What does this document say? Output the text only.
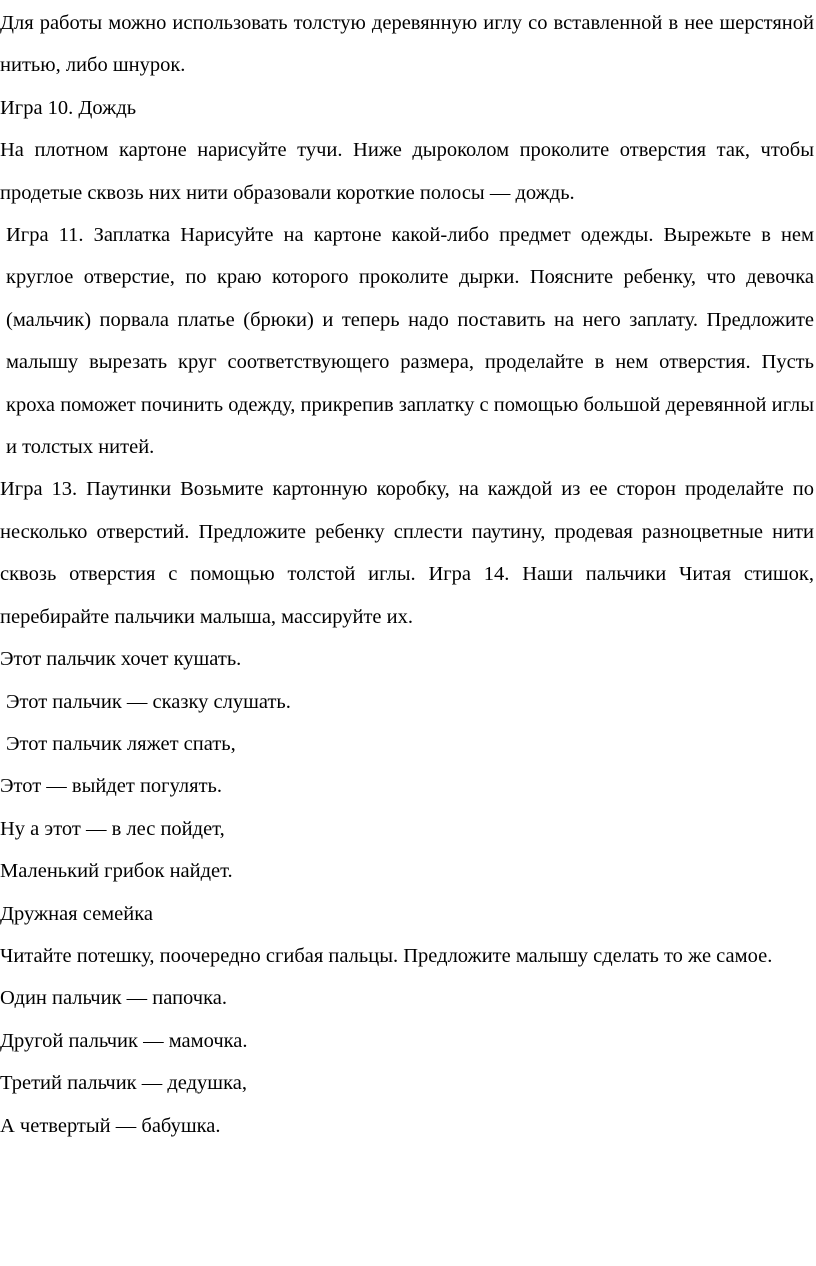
Для работы можно использовать толстую деревянную иглу со вставленной в нее шерстяной нитью, либо шнурок.

Игра 10. Дождь

На плотном картоне нарисуйте тучи. Ниже дыроколом проколите отверстия так, чтобы продетые сквозь них нити образовали короткие полосы — дождь.

Игра 11. Заплатка Нарисуйте на картоне какой-либо предмет одежды. Вырежьте в нем круглое отверстие, по краю которого проколите дырки. Поясните ребенку, что девочка (мальчик) порвала платье (брюки) и теперь надо поставить на него заплату. Предложите малышу вырезать круг соответствующего размера, проделайте в нем отверстия. Пусть кроха поможет починить одежду, прикрепив заплатку с помощью большой деревянной иглы и толстых нитей.

Игра 13. Паутинки Возьмите картонную коробку, на каждой из ее сторон проделайте по несколько отверстий. Предложите ребенку сплести паутину, продевая разноцветные нити сквозь отверстия с помощью толстой иглы. Игра 14. Наши пальчики Читая стишок, перебирайте пальчики малыша, массируйте их.

Этот пальчик хочет кушать.

Этот пальчик — сказку слушать.

Этот пальчик ляжет спать,

Этот — выйдет погулять.

Ну а этот — в лес пойдет,

Маленький грибок найдет.

Дружная семейка

Читайте потешку, поочередно сгибая пальцы. Предложите малышу сделать то же самое.

Один пальчик — папочка.

Другой пальчик — мамочка.

Третий пальчик — дедушка,

А четвертый — бабушка.
